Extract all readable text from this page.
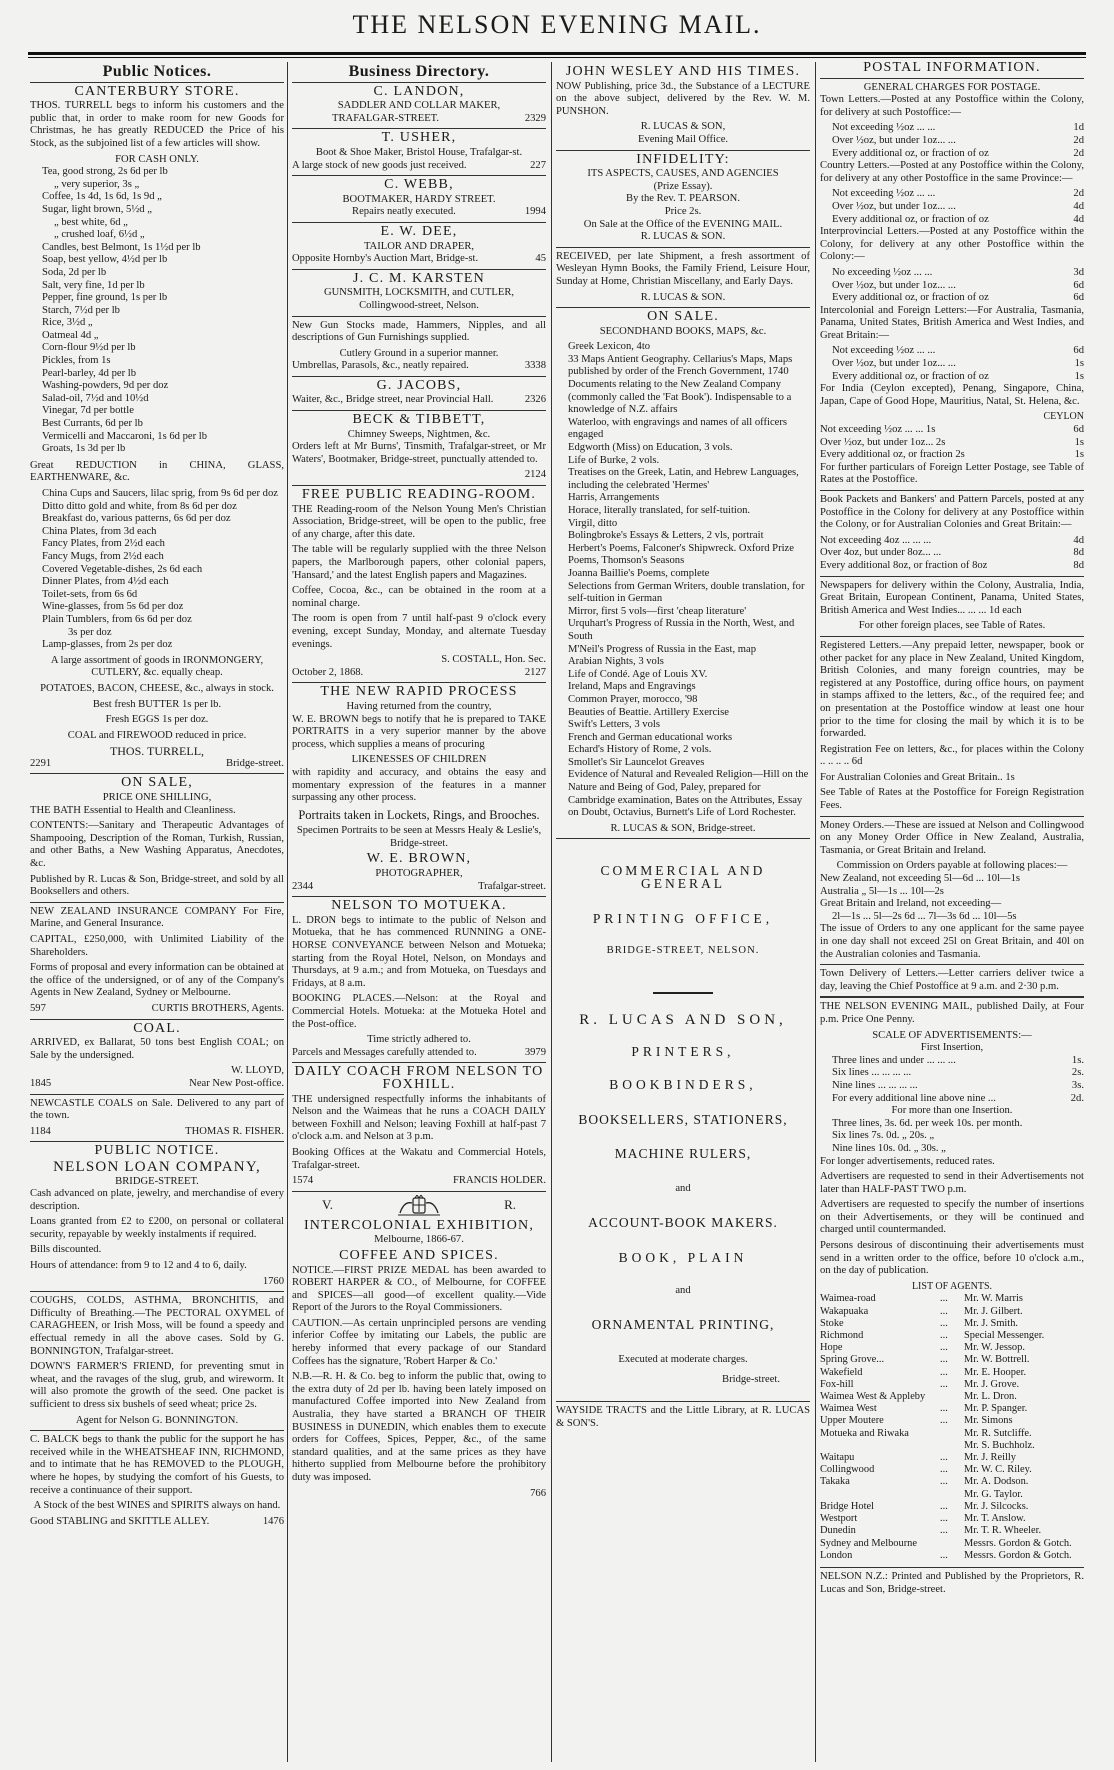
THE NELSON EVENING MAIL.
Public Notices.
CANTERBURY STORE.
THOS. TURRELL begs to inform his customers and the public that, in order to make room for new Goods for Christmas, he has greatly REDUCED the Price of his Stock, as the subjoined list of a few articles will show.
FOR CASH ONLY.
Tea, good strong, 2s 6d per lb
„ very superior, 3s „
Coffee, 1s 4d, 1s 6d, 1s 9d „
Sugar, light brown, 5½d „
„ best white, 6d „
„ crushed loaf, 6½d „
Candles, best Belmont, 1s 1½d per lb
Soap, best yellow, 4½d per lb
Soda, 2d per lb
Salt, very fine, 1d per lb
Pepper, fine ground, 1s per lb
Starch, 7½d per lb
Rice, 3½d „
Oatmeal 4d „
Corn-flour 9½d per lb
Pickles, from 1s
Pearl-barley, 4d per lb
Washing-powders, 9d per doz
Salad-oil, 7½d and 10½d
Vinegar, 7d per bottle
Best Currants, 6d per lb
Vermicelli and Maccaroni, 1s 6d per lb
Groats, 1s 3d per lb
Great REDUCTION in CHINA, GLASS, EARTHENWARE, &c.
China Cups and Saucers, lilac sprig, from 9s 6d per doz
Ditto ditto gold and white, from 8s 6d per doz
Breakfast do, various patterns, 6s 6d per doz
China Plates, from 3d each
Fancy Plates, from 2½d each
Fancy Mugs, from 2½d each
Covered Vegetable-dishes, 2s 6d each
Dinner Plates, from 4½d each
Toilet-sets, from 6s 6d
Wine-glasses, from 5s 6d per doz
Plain Tumblers, from 6s 6d per doz
3s per doz
Lamp-glasses, from 2s per doz
A large assortment of goods in IRONMONGERY, CUTLERY, &c. equally cheap.
POTATOES, BACON, CHEESE, &c., always in stock.
Best fresh BUTTER 1s per lb.
Fresh EGGS 1s per doz.
COAL and FIREWOOD reduced in price.
THOS. TURRELL,
2291	Bridge-street.
ON SALE,
PRICE ONE SHILLING,
THE BATH Essential to Health and Cleanliness.
CONTENTS:—Sanitary and Therapeutic Advantages of Shampooing, Description of the Roman, Turkish, Russian, and other Baths, a New Washing Apparatus, Anecdotes, &c.
Published by R. Lucas & Son, Bridge-street, and sold by all Booksellers and others.
NEW ZEALAND INSURANCE COMPANY For Fire, Marine, and General Insurance.
CAPITAL, £250,000, with Unlimited Liability of the Shareholders.
Forms of proposal and every information can be obtained at the office of the undersigned, or of any of the Company's Agents in New Zealand, Sydney or Melbourne.
597	CURTIS BROTHERS, Agents.
COAL.
ARRIVED, ex Ballarat, 50 tons best English COAL; on Sale by the undersigned.
W. LLOYD,
1845	Near New Post-office.
NEWCASTLE COALS on Sale. Delivered to any part of the town.
1184	THOMAS R. FISHER.
PUBLIC NOTICE.
NELSON LOAN COMPANY,
BRIDGE-STREET.
Cash advanced on plate, jewelry, and merchandise of every description.
Loans granted from £2 to £200, on personal or collateral security, repayable by weekly instalments if required.
Bills discounted.
Hours of attendance: from 9 to 12 and 4 to 6, daily.
1760
COUGHS, COLDS, ASTHMA, BRONCHITIS, and Difficulty of Breathing.—The PECTORAL OXYMEL of CARAGHEEN, or Irish Moss, will be found a speedy and effectual remedy in all the above cases. Sold by G. BONNINGTON, Trafalgar-street.
DOWN'S FARMER'S FRIEND, for preventing smut in wheat, and the ravages of the slug, grub, and wireworm. It will also promote the growth of the seed. One packet is sufficient to dress six bushels of seed wheat; price 2s.
Agent for Nelson G. BONNINGTON.
C. BALCK begs to thank the public for the support he has received while in the WHEATSHEAF INN, RICHMOND, and to intimate that he has REMOVED to the PLOUGH, where he hopes, by studying the comfort of his Guests, to receive a continuance of their support.
A Stock of the best WINES and SPIRITS always on hand.
Good STABLING and SKITTLE ALLEY.	1476
Business Directory.
C. LANDON,
SADDLER AND COLLAR MAKER,
TRAFALGAR-STREET.	2329
T. USHER,
Boot & Shoe Maker, Bristol House, Trafalgar-st.
A large stock of new goods just received.	227
C. WEBB,
BOOTMAKER, HARDY STREET.
Repairs neatly executed.	1994
E. W. DEE,
TAILOR AND DRAPER,
Opposite Hornby's Auction Mart, Bridge-st.	45
J. C. M. KARSTEN
GUNSMITH, LOCKSMITH, and CUTLER,
Collingwood-street, Nelson.
New Gun Stocks made, Hammers, Nipples, and all descriptions of Gun Furnishings supplied.
Cutlery Ground in a superior manner.
Umbrellas, Parasols, &c., neatly repaired.	3338
G. JACOBS,
Waiter, &c., Bridge street, near Provincial Hall.	2326
BECK & TIBBETT,
Chimney Sweeps, Nightmen, &c.
Orders left at Mr Burns', Tinsmith, Trafalgar-street, or Mr Waters', Bootmaker, Bridge-street, punctually attended to.
2124
FREE PUBLIC READING-ROOM.
THE Reading-room of the Nelson Young Men's Christian Association, Bridge-street, will be open to the public, free of any charge, after this date.
The table will be regularly supplied with the three Nelson papers, the Marlborough papers, other colonial papers, 'Hansard,' and the latest English papers and Magazines.
Coffee, Cocoa, &c., can be obtained in the room at a nominal charge.
The room is open from 7 until half-past 9 o'clock every evening, except Sunday, Monday, and alternate Tuesday evenings.
S. COSTALL, Hon. Sec.
October 2, 1868.	2127
THE NEW RAPID PROCESS
Having returned from the country,
W. E. BROWN begs to notify that he is prepared to TAKE PORTRAITS in a very superior manner by the above process, which supplies a means of procuring
LIKENESSES OF CHILDREN
with rapidity and accuracy, and obtains the easy and momentary expression of the features in a manner surpassing any other process.
Portraits taken in Lockets, Rings, and Brooches.
Specimen Portraits to be seen at Messrs Healy & Leslie's, Bridge-street.
W. E. BROWN,
PHOTOGRAPHER,
2344	Trafalgar-street.
NELSON TO MOTUEKA.
L. DRON begs to intimate to the public of Nelson and Motueka, that he has commenced RUNNING a ONE-HORSE CONVEYANCE between Nelson and Motueka; starting from the Royal Hotel, Nelson, on Mondays and Thursdays, at 9 a.m.; and from Motueka, on Tuesdays and Fridays, at 8 a.m.
BOOKING PLACES.—Nelson: at the Royal and Commercial Hotels. Motueka: at the Motueka Hotel and the Post-office.
Time strictly adhered to.
Parcels and Messages carefully attended to.	3979
DAILY COACH FROM NELSON TO FOXHILL.
THE undersigned respectfully informs the inhabitants of Nelson and the Waimeas that he runs a COACH DAILY between Foxhill and Nelson; leaving Foxhill at half-past 7 o'clock a.m. and Nelson at 3 p.m.
Booking Offices at the Wakatu and Commercial Hotels, Trafalgar-street.
1574	FRANCIS HOLDER.
V.	R.
INTERCOLONIAL EXHIBITION,
Melbourne, 1866-67.
COFFEE AND SPICES.
NOTICE.—FIRST PRIZE MEDAL has been awarded to ROBERT HARPER & CO., of Melbourne, for COFFEE and SPICES—all good—of excellent quality.—Vide Report of the Jurors to the Royal Commissioners.
CAUTION.—As certain unprincipled persons are vending inferior Coffee by imitating our Labels, the public are hereby informed that every package of our Standard Coffees has the signature, 'Robert Harper & Co.'
N.B.—R. H. & Co. beg to inform the public that, owing to the extra duty of 2d per lb. having been lately imposed on manufactured Coffee imported into New Zealand from Australia, they have started a BRANCH OF THEIR BUSINESS in DUNEDIN, which enables them to execute orders for Coffees, Spices, Pepper, &c., of the same standard qualities, and at the same prices as they have hitherto supplied from Melbourne before the prohibitory duty was imposed.
766
JOHN WESLEY AND HIS TIMES.
NOW Publishing, price 3d., the Substance of a LECTURE on the above subject, delivered by the Rev. W. M. PUNSHON.
R. LUCAS & SON,
Evening Mail Office.
INFIDELITY:
ITS ASPECTS, CAUSES, AND AGENCIES
(Prize Essay).
By the Rev. T. PEARSON.
Price 2s.
On Sale at the Office of the EVENING MAIL.
R. LUCAS & SON.
RECEIVED, per late Shipment, a fresh assortment of Wesleyan Hymn Books, the Family Friend, Leisure Hour, Sunday at Home, Christian Miscellany, and Early Days.
R. LUCAS & SON.
ON SALE.
SECONDHAND BOOKS, MAPS, &c.
Greek Lexicon, 4to
33 Maps Antient Geography. Cellarius's Maps, Maps published by order of the French Government, 1740
Documents relating to the New Zealand Company (commonly called the 'Fat Book'). Indispensable to a knowledge of N.Z. affairs
Waterloo, with engravings and names of all officers engaged
Edgworth (Miss) on Education, 3 vols.
Life of Burke, 2 vols.
Treatises on the Greek, Latin, and Hebrew Languages, including the celebrated 'Hermes'
Harris, Arrangements
Horace, literally translated, for self-tuition.
Virgil, ditto
Bolingbroke's Essays & Letters, 2 vls, portrait
Herbert's Poems, Falconer's Shipwreck. Oxford Prize Poems, Thomson's Seasons
Joanna Baillie's Poems, complete
Selections from German Writers, double translation, for self-tuition in German
Mirror, first 5 vols—first 'cheap literature'
Urquhart's Progress of Russia in the North, West, and South
M'Neil's Progress of Russia in the East, map
Arabian Nights, 3 vols
Life of Condé. Age of Louis XV.
Ireland, Maps and Engravings
Common Prayer, morocco, '98
Beauties of Beattie. Artillery Exercise
Swift's Letters, 3 vols
French and German educational works
Echard's History of Rome, 2 vols.
Smollet's Sir Launcelot Greaves
Evidence of Natural and Revealed Religion—Hill on the Nature and Being of God, Paley, prepared for Cambridge examination, Bates on the Attributes, Essay on Doubt, Octavius, Burnett's Life of Lord Rochester.
R. LUCAS & SON, Bridge-street.
COMMERCIAL AND GENERAL
PRINTING OFFICE,
BRIDGE-STREET, NELSON.
R. LUCAS AND SON,
PRINTERS,
BOOKBINDERS,
BOOKSELLERS, STATIONERS,
MACHINE RULERS,
and
ACCOUNT-BOOK MAKERS.
BOOK, PLAIN
and
ORNAMENTAL PRINTING,
Executed at moderate charges.
Bridge-street.
WAYSIDE TRACTS and the Little Library, at R. LUCAS & SON'S.
POSTAL INFORMATION.
GENERAL CHARGES FOR POSTAGE.
Town Letters.—Posted at any Postoffice within the Colony, for delivery at such Postoffice:—
Not exceeding ½oz ... ...	1d
Over ½oz, but under 1oz... ...	2d
Every additional oz, or fraction of oz	2d
Country Letters.—Posted at any Postoffice within the Colony, for delivery at any other Postoffice in the same Province:—
Not exceeding ½oz ... ...	2d
Over ½oz, but under 1oz... ...	4d
Every additional oz, or fraction of oz	4d
Interprovincial Letters.—Posted at any Postoffice within the Colony, for delivery at any other Postoffice within the Colony:—
No exceeding ½oz ... ...	3d
Over ½oz, but under 1oz... ...	6d
Every additional oz, or fraction of oz	6d
Intercolonial and Foreign Letters:—For Australia, Tasmania, Panama, United States, British America and West Indies, and Great Britain:—
Not exceeding ½oz ... ...	6d
Over ½oz, but under 1oz... ...	1s
Every additional oz, or fraction of oz	1s
For India (Ceylon excepted), Penang, Singapore, China, Japan, Cape of Good Hope, Mauritius, Natal, St. Helena, &c.
CEYLON
Not exceeding ½oz ... ... 1s	6d
Over ½oz, but under 1oz... 2s	1s
Every additional oz, or fraction 2s	1s
For further particulars of Foreign Letter Postage, see Table of Rates at the Postoffice.
Book Packets and Bankers' and Pattern Parcels, posted at any Postoffice in the Colony for delivery at any Postoffice within the Colony, or for Australian Colonies and Great Britain:—
Not exceeding 4oz ... ... ...	4d
Over 4oz, but under 8oz... ...	8d
Every additional 8oz, or fraction of 8oz	8d
Newspapers for delivery within the Colony, Australia, India, Great Britain, European Continent, Panama, United States, British America and West Indies... ... ... 1d each
For other foreign places, see Table of Rates.
Registered Letters.—Any prepaid letter, newspaper, book or other packet for any place in New Zealand, United Kingdom, British Colonies, and many foreign countries, may be registered at any Postoffice, during office hours, on payment in stamps affixed to the letters, &c., of the required fee; and on presentation at the Postoffice window at least one hour prior to the time for closing the mail by which it is to be forwarded.
Registration Fee on letters, &c., for places within the Colony .. .. .. .. 6d
For Australian Colonies and Great Britain.. 1s
See Table of Rates at the Postoffice for Foreign Registration Fees.
Money Orders.—These are issued at Nelson and Collingwood on any Money Order Office in New Zealand, Australia, Tasmania, or Great Britain and Ireland.
Commission on Orders payable at following places:—
New Zealand, not exceeding 5l—6d ... 10l—1s
Australia „ 5l—1s ... 10l—2s
Great Britain and Ireland, not exceeding—
2l—1s ... 5l—2s 6d ... 7l—3s 6d ... 10l—5s
The issue of Orders to any one applicant for the same payee in one day shall not exceed 25l on Great Britain, and 40l on the Australian colonies and Tasmania.
Town Delivery of Letters.—Letter carriers deliver twice a day, leaving the Chief Postoffice at 9 a.m. and 2·30 p.m.
THE NELSON EVENING MAIL, published Daily, at Four p.m. Price One Penny.
SCALE OF ADVERTISEMENTS:—
First Insertion,
Three lines and under ... ... ...	1s.
Six lines ... ... ... ...	2s.
Nine lines ... ... ... ...	3s.
For every additional line above nine ...	2d.
For more than one Insertion.
Three lines, 3s. 6d. per week 10s. per month.
Six lines 7s. 0d. „ 20s. „
Nine lines 10s. 0d. „ 30s. „
For longer advertisements, reduced rates.
Advertisers are requested to send in their Advertisements not later than HALF-PAST TWO p.m.
Advertisers are requested to specify the number of insertions on their Advertisements, or they will be continued and charged until countermanded.
Persons desirous of discontinuing their advertisements must send in a written order to the office, before 10 o'clock a.m., on the day of publication.
LIST OF AGENTS.
Waimea-road	...	Mr. W. Marris
Wakapuaka	...	Mr. J. Gilbert.
Stoke	...	Mr. J. Smith.
Richmond	...	Special Messenger.
Hope	...	Mr. W. Jessop.
Spring Grove...	...	Mr. W. Bottrell.
Wakefield	...	Mr. E. Hooper.
Fox-hill	...	Mr. J. Grove.
Waimea West & Appleby	Mr. L. Dron.
Waimea West	...	Mr. P. Spanger.
Upper Moutere	...	Mr. Simons
Motueka and Riwaka	Mr. R. Sutcliffe.
Mr. S. Buchholz.
Waitapu	...	Mr. J. Reilly
Collingwood	...	Mr. W. C. Riley.
Takaka	...	Mr. A. Dodson.
Mr. G. Taylor.
Bridge Hotel	...	Mr. J. Silcocks.
Westport	...	Mr. T. Anslow.
Dunedin	...	Mr. T. R. Wheeler.
Sydney and Melbourne	Messrs. Gordon & Gotch.
London	...	Messrs. Gordon & Gotch.
NELSON N.Z.: Printed and Published by the Proprietors, R. Lucas and Son, Bridge-street.
